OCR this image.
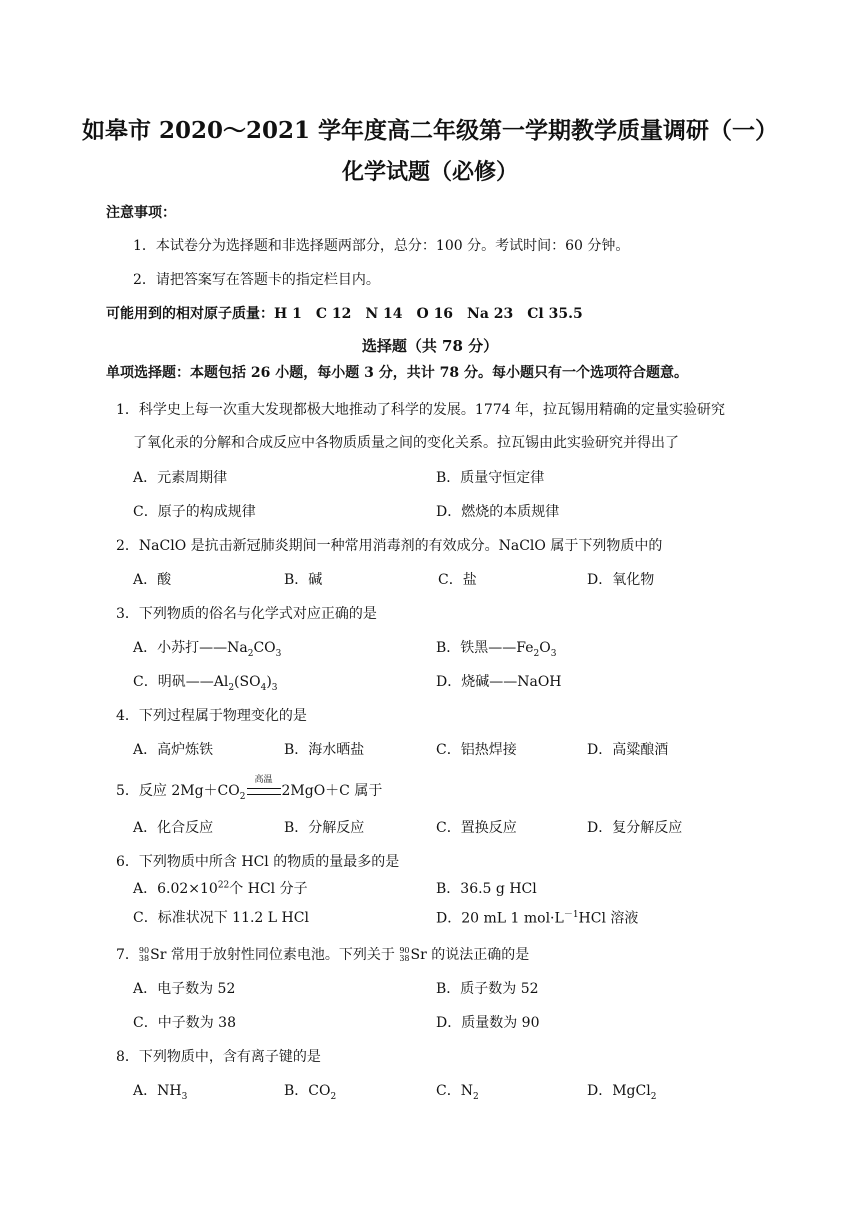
如皋市 2020～2021 学年度高二年级第一学期教学质量调研（一）
化学试题（必修）
注意事项：
1．本试卷分为选择题和非选择题两部分，总分：100 分。考试时间：60 分钟。
2．请把答案写在答题卡的指定栏目内。
可能用到的相对原子质量：H 1　C 12　N 14　O 16　Na 23　Cl 35.5
选择题（共 78 分）
单项选择题：本题包括 26 小题，每小题 3 分，共计 78 分。每小题只有一个选项符合题意。
1．科学史上每一次重大发现都极大地推动了科学的发展。1774 年，拉瓦锡用精确的定量实验研究
了氧化汞的分解和合成反应中各物质质量之间的变化关系。拉瓦锡由此实验研究并得出了
A．元素周期律	B．质量守恒定律
C．原子的构成规律	D．燃烧的本质规律
2．NaClO 是抗击新冠肺炎期间一种常用消毒剂的有效成分。NaClO 属于下列物质中的
A．酸	B．碱	C．盐	D．氧化物
3．下列物质的俗名与化学式对应正确的是
A．小苏打$——Na_2CO_3$	B．铁黑$——Fe_2O_3$
C．明矾$——Al_2(SO_4)_3$	D．烧碱——NaOH
4．下列过程属于物理变化的是
A．高炉炼铁	B．海水晒盐	C．铝热焊接	D．高粱酿酒
5．反应 $2Mg+CO_2$
高温
2MgO＋C 属于
A．化合反应	B．分解反应	C．置换反应	D．复分解反应
6．下列物质中所含 HCl 的物质的量最多的是
A．$6.02\times 10^{22}$个 HCl 分子	B．36.5 g HCl
C．标准状况下 11.2 L HCl	D．20 mL 1 $mol\cdot L^{-1}HCl$ 溶液
7．90
38Sr 常用于放射性同位素电池。下列关于 90
38Sr 的说法正确的是
A．电子数为 52	B．质子数为 52
C．中子数为 38	D．质量数为 90
8．下列物质中，含有离子键的是
A．$NH_3$	B．$CO_2$	C．$N_2$	D．MgCl$_2$
